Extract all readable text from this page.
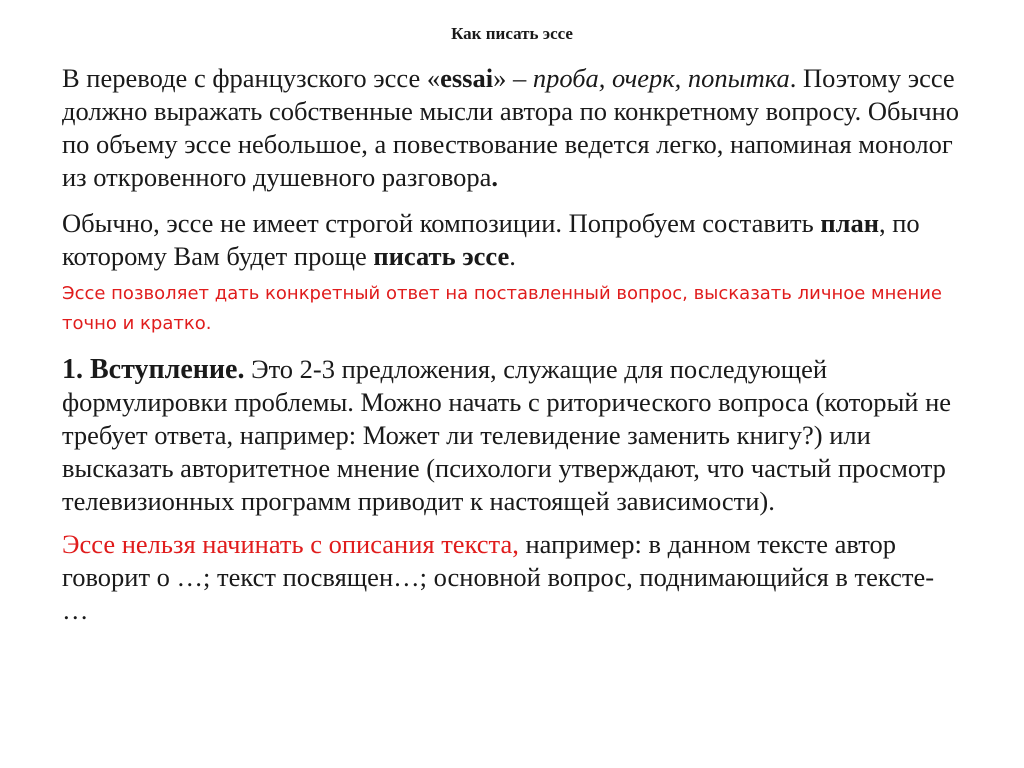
Как писать эссе

В переводе с французского эссе «essai» – проба, очерк, попытка. Поэтому эссе должно выражать собственные мысли автора по конкретному вопросу. Обычно по объему эссе небольшое, а повествование ведется легко, напоминая монолог из откровенного душевного разговора.

Обычно, эссе не имеет строгой композиции. Попробуем составить план, по которому Вам будет проще писать эссе.

Эссе позволяет дать конкретный ответ на поставленный вопрос, высказать личное мнение точно и кратко.

1. Вступление. Это 2-3 предложения, служащие для последующей формулировки проблемы. Можно начать с риторического вопроса (который не требует ответа, например: Может ли телевидение заменить книгу?) или высказать авторитетное мнение (психологи утверждают, что частый просмотр телевизионных программ приводит к настоящей зависимости).

Эссе нельзя начинать с описания текста, например: в данном тексте автор говорит о …; текст посвящен…; основной вопрос, поднимающийся в тексте- …
